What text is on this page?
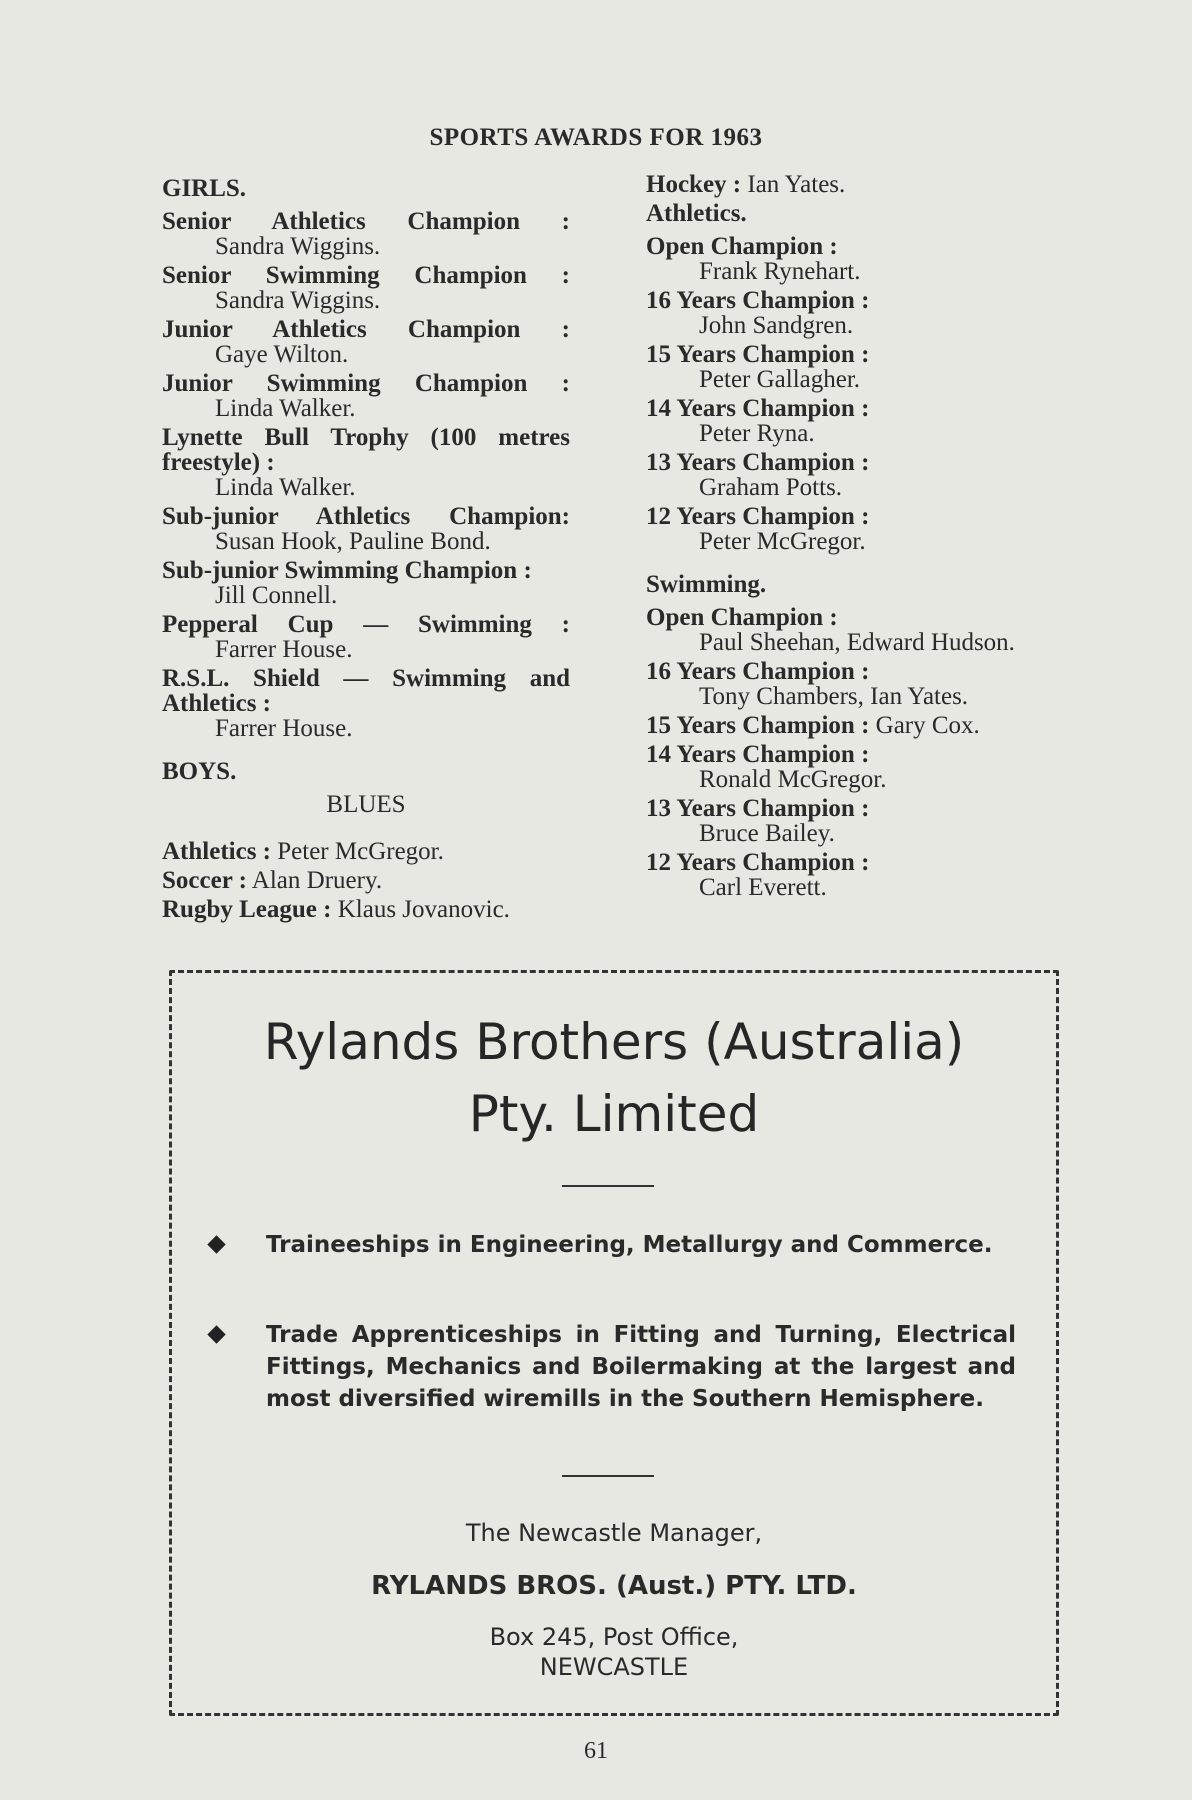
SPORTS AWARDS FOR 1963
GIRLS.
Senior Athletics Champion :
Sandra Wiggins.
Senior Swimming Champion :
Sandra Wiggins.
Junior Athletics Champion :
Gaye Wilton.
Junior Swimming Champion :
Linda Walker.
Lynette Bull Trophy (100 metres freestyle) :
Linda Walker.
Sub-junior Athletics Champion:
Susan Hook, Pauline Bond.
Sub-junior Swimming Champion :
Jill Connell.
Pepperal Cup — Swimming :
Farrer House.
R.S.L. Shield — Swimming and Athletics :
Farrer House.
BOYS.
BLUES
Athletics : Peter McGregor.
Soccer : Alan Druery.
Rugby League : Klaus Jovanovic.
Hockey : Ian Yates.
Athletics.
Open Champion :
Frank Rynehart.
16 Years Champion :
John Sandgren.
15 Years Champion :
Peter Gallagher.
14 Years Champion :
Peter Ryna.
13 Years Champion :
Graham Potts.
12 Years Champion :
Peter McGregor.
Swimming.
Open Champion :
Paul Sheehan, Edward Hudson.
16 Years Champion :
Tony Chambers, Ian Yates.
15 Years Champion : Gary Cox.
14 Years Champion :
Ronald McGregor.
13 Years Champion :
Bruce Bailey.
12 Years Champion :
Carl Everett.
Rylands Brothers (Australia)
Pty. Limited
Traineeships in Engineering, Metallurgy and Commerce.
Trade Apprenticeships in Fitting and Turning, Electrical Fittings, Mechanics and Boilermaking at the largest and most diversified wiremills in the Southern Hemisphere.
The Newcastle Manager,
RYLANDS BROS. (Aust.) PTY. LTD.
Box 245, Post Office,
NEWCASTLE
61
